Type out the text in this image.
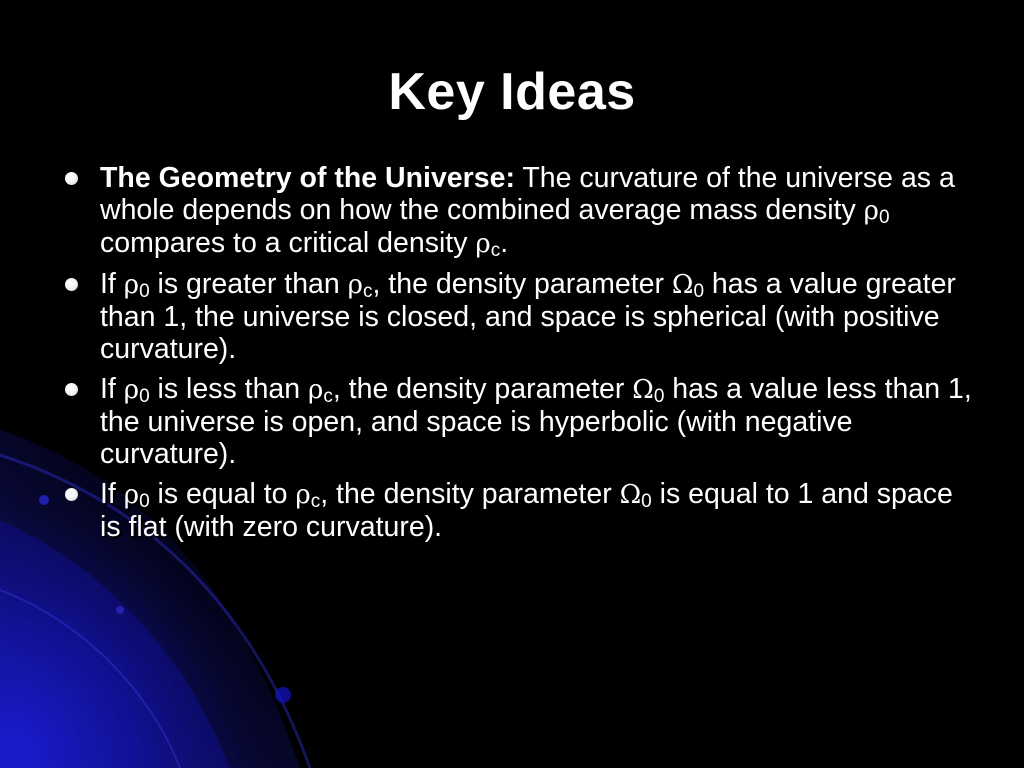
Key Ideas
The Geometry of the Universe: The curvature of the universe as a whole depends on how the combined average mass density $\rho_0$ compares to a critical density $\rho_c$.
If $\rho_0$ is greater than $\rho_c$, the density parameter $\Omega_0$ has a value greater than 1, the universe is closed, and space is spherical (with positive curvature).
If $\rho_0$ is less than $\rho_c$, the density parameter $\Omega_0$ has a value less than 1, the universe is open, and space is hyperbolic (with negative curvature).
If $\rho_0$ is equal to $\rho_c$, the density parameter $\Omega_0$ is equal to 1 and space is flat (with zero curvature).
